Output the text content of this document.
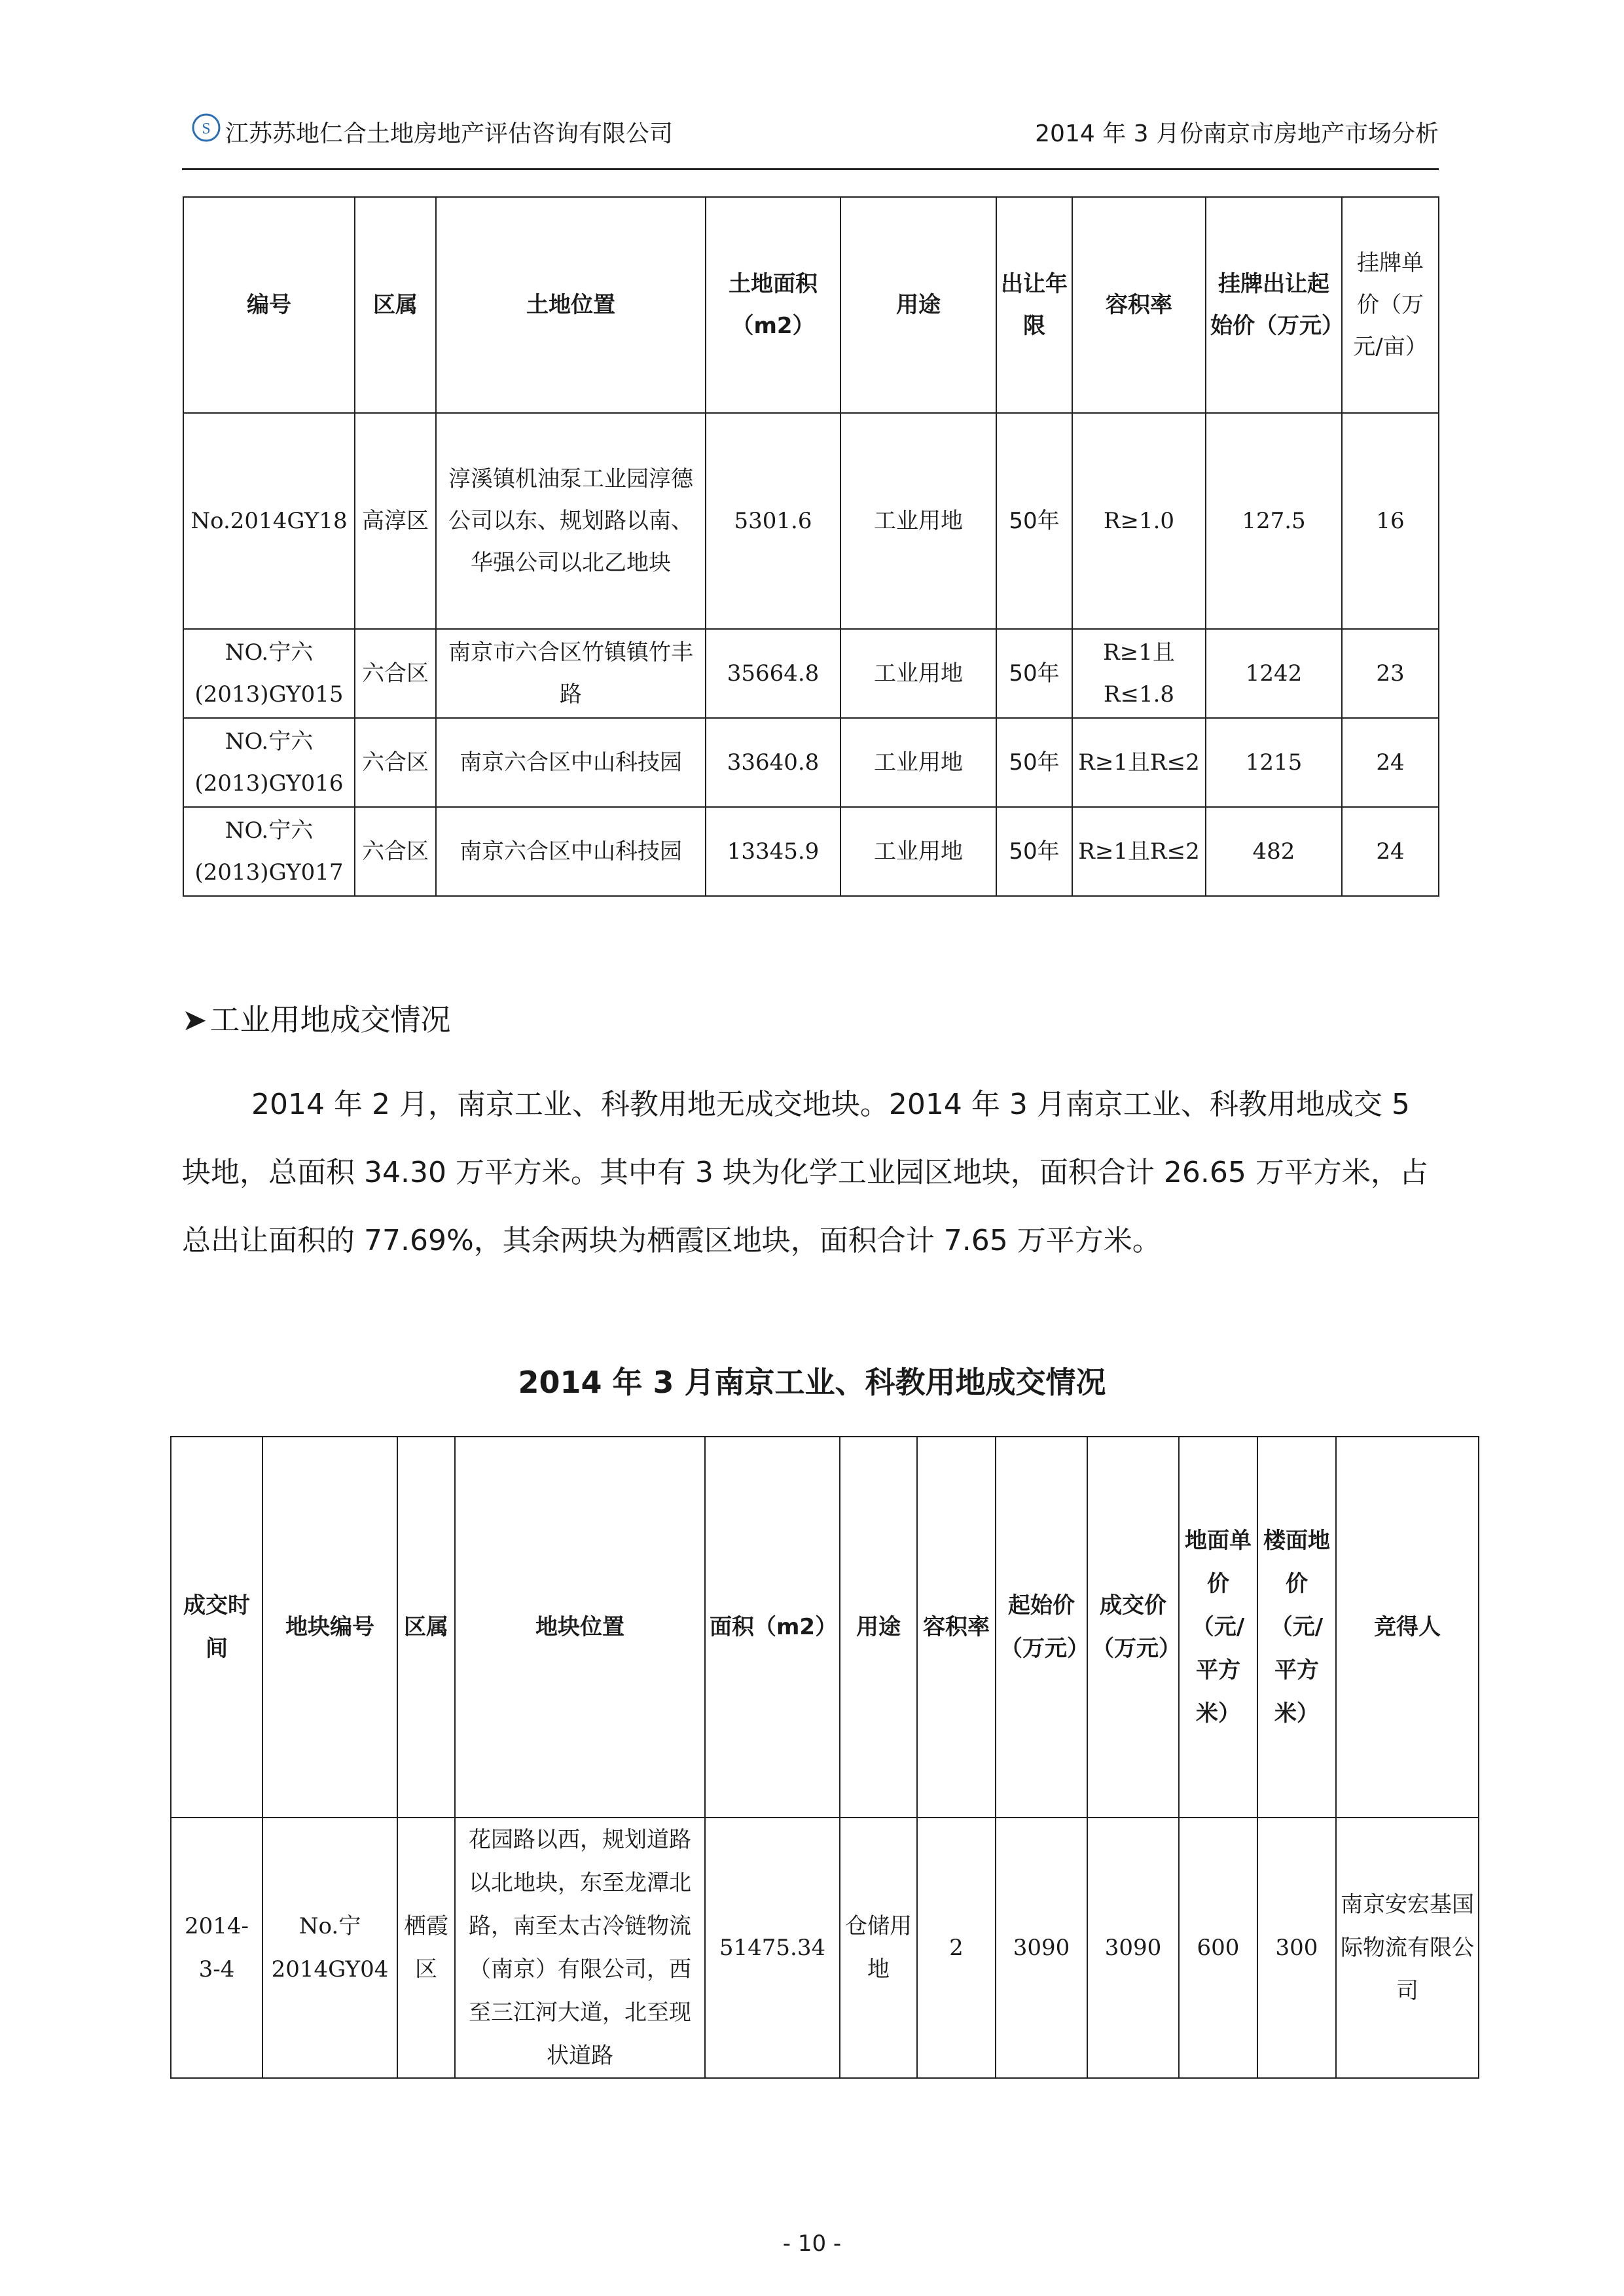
S 江苏苏地仁合土地房地产评估咨询有限公司	2014 年 3 月份南京市房地产市场分析
编号	区属	土地位置	土地面积（m2）	用途	出让年限	容积率	挂牌出让起始价（万元）	挂牌单价（万元/亩）
No.2014GY18	高淳区	淳溪镇机油泵工业园淳德公司以东、规划路以南、华强公司以北乙地块	5301.6	工业用地	50年	R≥1.0	127.5	16
NO.宁六(2013)GY015	六合区	南京市六合区竹镇镇竹丰路	35664.8	工业用地	50年	R≥1且R≤1.8	1242	23
NO.宁六(2013)GY016	六合区	南京六合区中山科技园	33640.8	工业用地	50年	R≥1且R≤2	1215	24
NO.宁六(2013)GY017	六合区	南京六合区中山科技园	13345.9	工业用地	50年	R≥1且R≤2	482	24
➤工业用地成交情况

2014 年 2 月，南京工业、科教用地无成交地块。2014 年 3 月南京工业、科教用地成交 5 块地，总面积 34.30 万平方米。其中有 3 块为化学工业园区地块，面积合计 26.65 万平方米，占总出让面积的 77.69%，其余两块为栖霞区地块，面积合计 7.65 万平方米。

2014 年 3 月南京工业、科教用地成交情况
成交时间	地块编号	区属	地块位置	面积（m2）	用途	容积率	起始价（万元）	成交价（万元）	地面单价（元/平方米）	楼面地价（元/平方米）	竞得人
2014-3-4	No.宁2014GY04	栖霞区	花园路以西，规划道路以北地块，东至龙潭北路，南至太古冷链物流（南京）有限公司，西至三江河大道，北至现状道路	51475.34	仓储用地	2	3090	3090	600	300	南京安宏基国际物流有限公司
- 10 -
